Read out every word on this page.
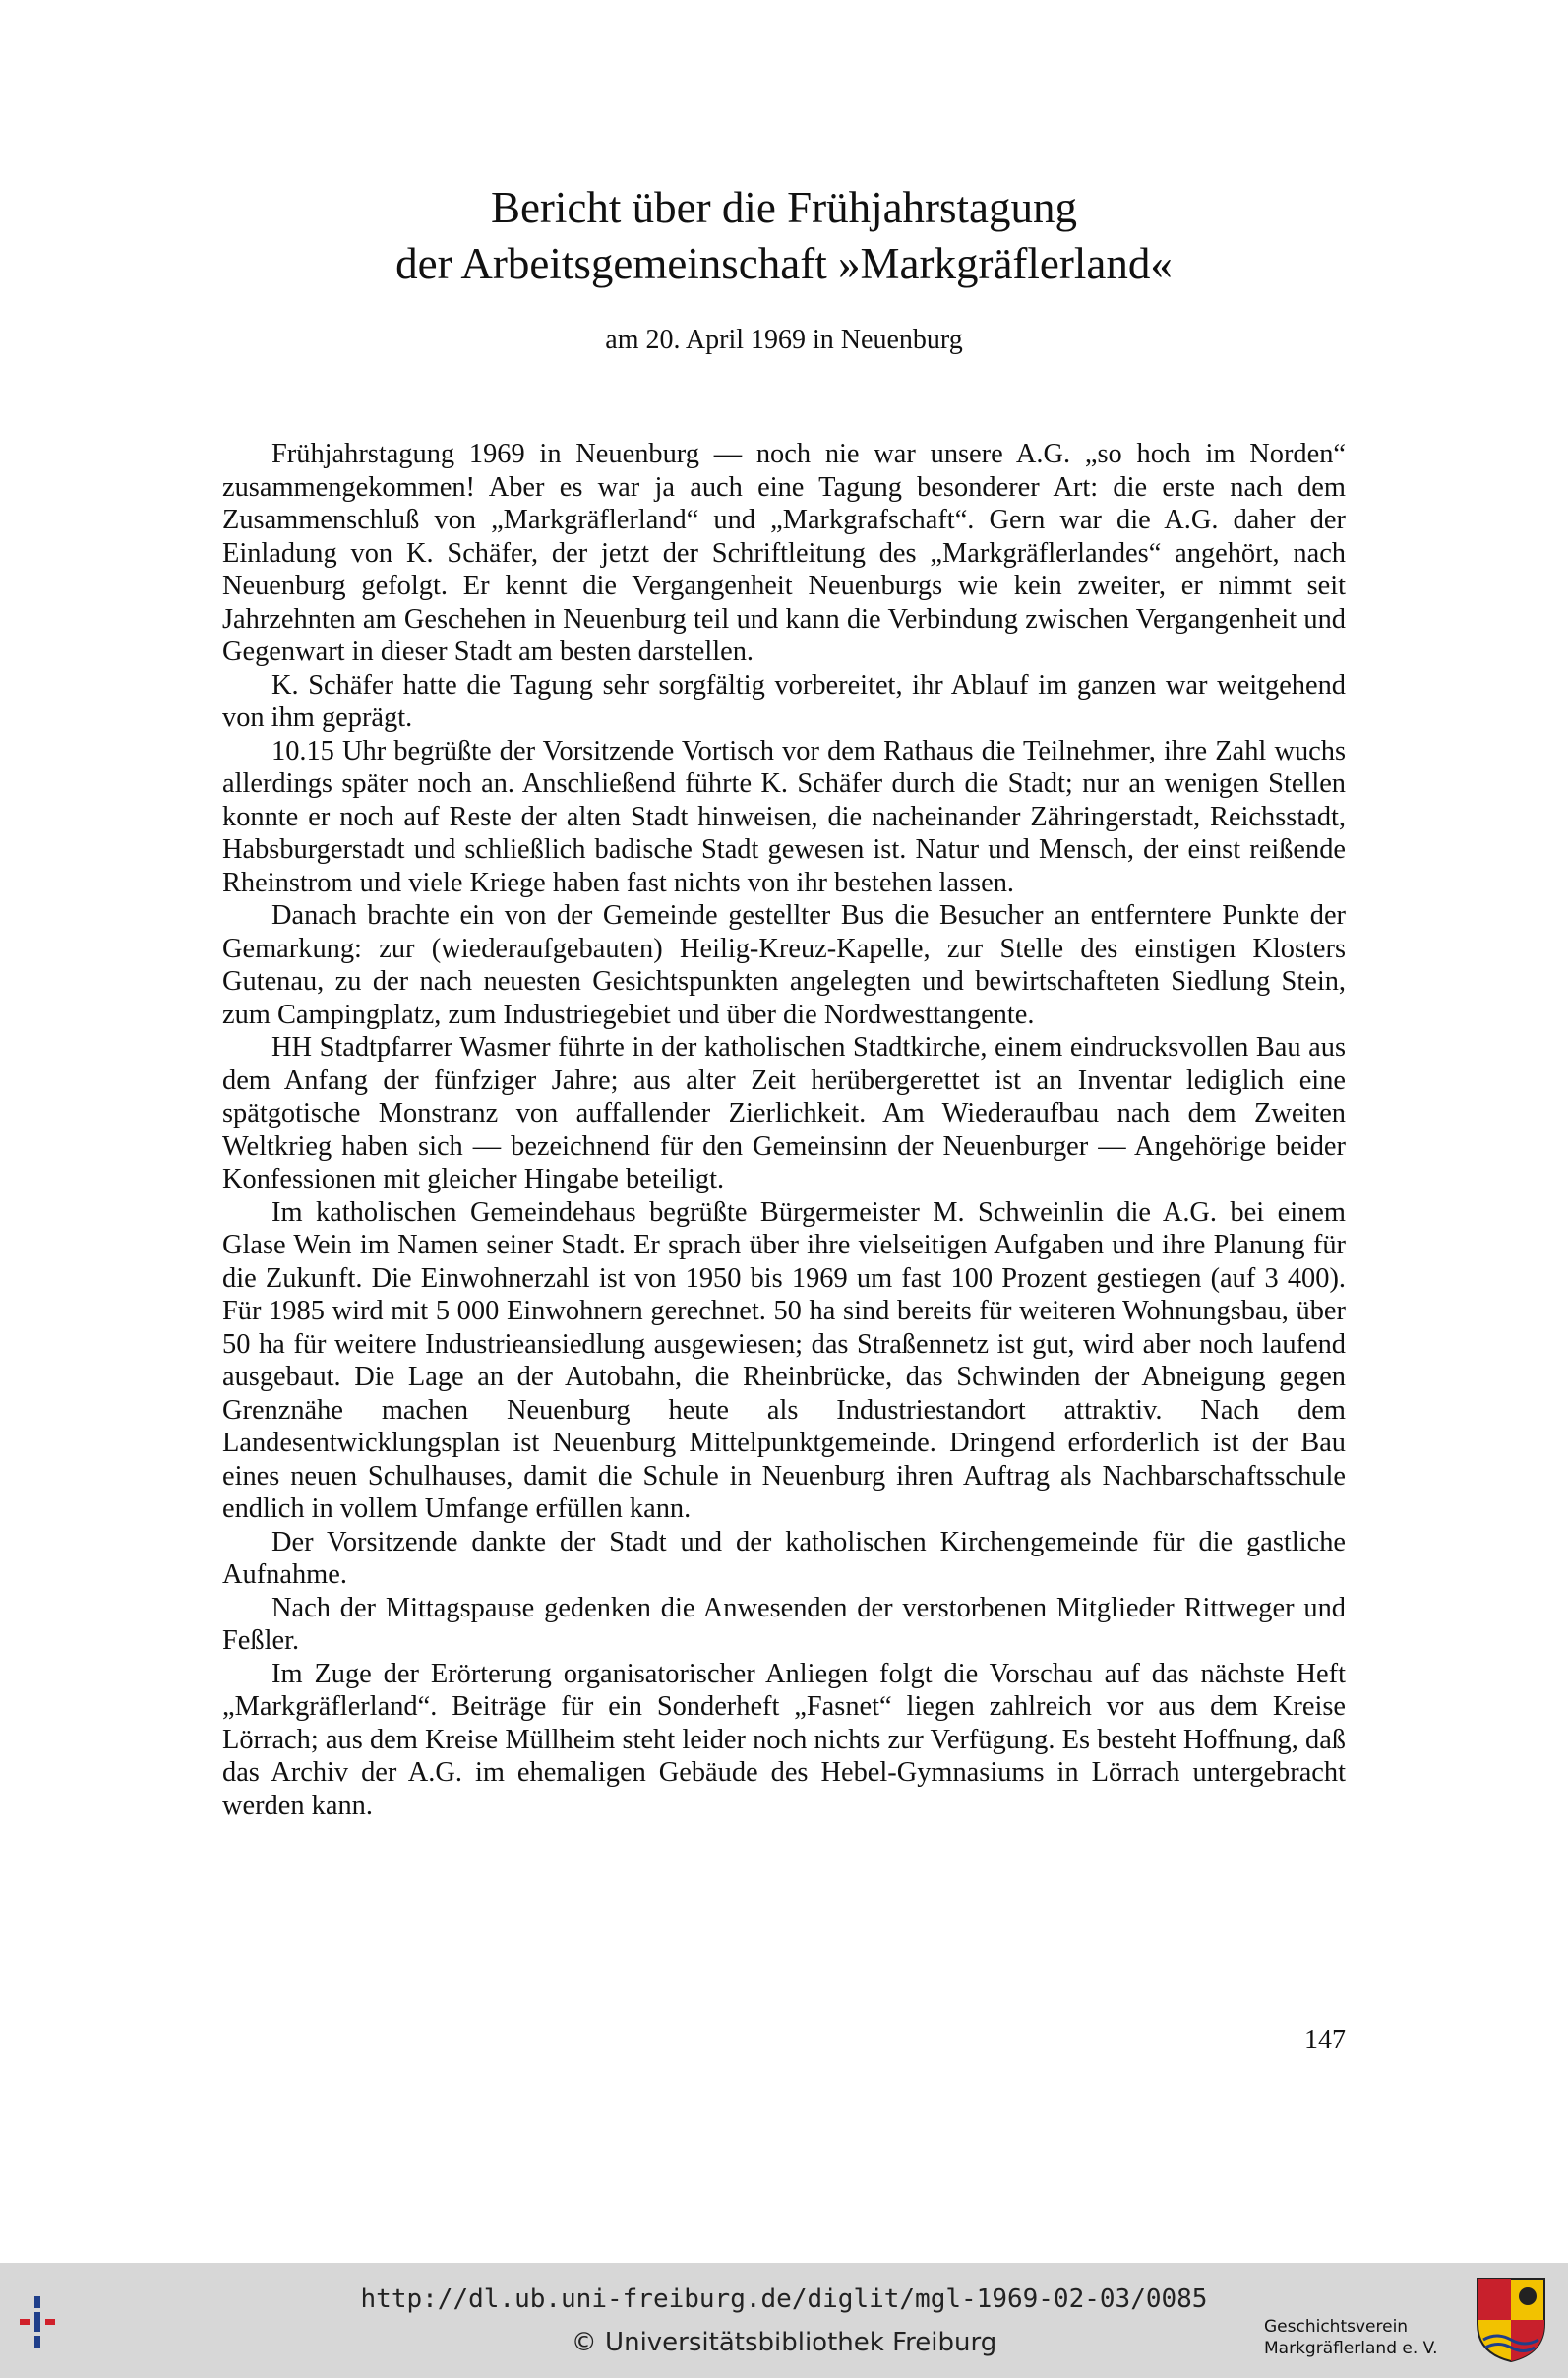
Bericht über die Frühjahrstagung
der Arbeitsgemeinschaft »Markgräflerland«

am 20. April 1969 in Neuenburg

Frühjahrstagung 1969 in Neuenburg — noch nie war unsere A.G. „so hoch im Norden“ zusammengekommen! Aber es war ja auch eine Tagung besonderer Art: die erste nach dem Zusammenschluß von „Markgräflerland“ und „Markgrafschaft“. Gern war die A.G. daher der Einladung von K. Schäfer, der jetzt der Schriftleitung des „Markgräflerlandes“ angehört, nach Neuenburg gefolgt. Er kennt die Vergangenheit Neuenburgs wie kein zweiter, er nimmt seit Jahrzehnten am Geschehen in Neuenburg teil und kann die Verbindung zwischen Vergangenheit und Gegenwart in dieser Stadt am besten darstellen.

K. Schäfer hatte die Tagung sehr sorgfältig vorbereitet, ihr Ablauf im ganzen war weitgehend von ihm geprägt.

10.15 Uhr begrüßte der Vorsitzende Vortisch vor dem Rathaus die Teilnehmer, ihre Zahl wuchs allerdings später noch an. Anschließend führte K. Schäfer durch die Stadt; nur an wenigen Stellen konnte er noch auf Reste der alten Stadt hinweisen, die nacheinander Zähringerstadt, Reichsstadt, Habsburgerstadt und schließlich badische Stadt gewesen ist. Natur und Mensch, der einst reißende Rheinstrom und viele Kriege haben fast nichts von ihr bestehen lassen.

Danach brachte ein von der Gemeinde gestellter Bus die Besucher an entferntere Punkte der Gemarkung: zur (wiederaufgebauten) Heilig-Kreuz-Kapelle, zur Stelle des einstigen Klosters Gutenau, zu der nach neuesten Gesichtspunkten angelegten und bewirtschafteten Siedlung Stein, zum Campingplatz, zum Industriegebiet und über die Nordwesttangente.

HH Stadtpfarrer Wasmer führte in der katholischen Stadtkirche, einem eindrucksvollen Bau aus dem Anfang der fünfziger Jahre; aus alter Zeit herübergerettet ist an Inventar lediglich eine spätgotische Monstranz von auffallender Zierlichkeit. Am Wiederaufbau nach dem Zweiten Weltkrieg haben sich — bezeichnend für den Gemeinsinn der Neuenburger — Angehörige beider Konfessionen mit gleicher Hingabe beteiligt.

Im katholischen Gemeindehaus begrüßte Bürgermeister M. Schweinlin die A.G. bei einem Glase Wein im Namen seiner Stadt. Er sprach über ihre vielseitigen Aufgaben und ihre Planung für die Zukunft. Die Einwohnerzahl ist von 1950 bis 1969 um fast 100 Prozent gestiegen (auf 3 400). Für 1985 wird mit 5 000 Einwohnern gerechnet. 50 ha sind bereits für weiteren Wohnungsbau, über 50 ha für weitere Industrieansiedlung ausgewiesen; das Straßennetz ist gut, wird aber noch laufend ausgebaut. Die Lage an der Autobahn, die Rheinbrücke, das Schwinden der Abneigung gegen Grenznähe machen Neuenburg heute als Industriestandort attraktiv. Nach dem Landesentwicklungsplan ist Neuenburg Mittelpunktgemeinde. Dringend erforderlich ist der Bau eines neuen Schulhauses, damit die Schule in Neuenburg ihren Auftrag als Nachbarschaftsschule endlich in vollem Umfange erfüllen kann.

Der Vorsitzende dankte der Stadt und der katholischen Kirchengemeinde für die gastliche Aufnahme.

Nach der Mittagspause gedenken die Anwesenden der verstorbenen Mitglieder Rittweger und Feßler.

Im Zuge der Erörterung organisatorischer Anliegen folgt die Vorschau auf das nächste Heft „Markgräflerland“. Beiträge für ein Sonderheft „Fasnet“ liegen zahlreich vor aus dem Kreise Lörrach; aus dem Kreise Müllheim steht leider noch nichts zur Verfügung. Es besteht Hoffnung, daß das Archiv der A.G. im ehemaligen Gebäude des Hebel-Gymnasiums in Lörrach untergebracht werden kann.

147
http://dl.ub.uni-freiburg.de/diglit/mgl-1969-02-03/0085
© Universitätsbibliothek Freiburg
Geschichtsverein
Markgräflerland e. V.
